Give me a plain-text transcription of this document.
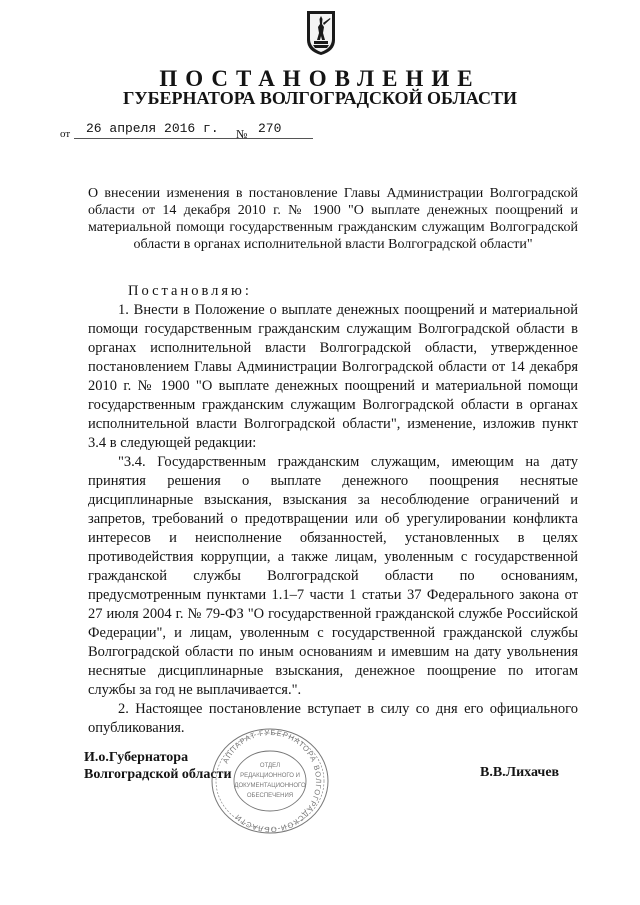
ПОСТАНОВЛЕНИЕ
ГУБЕРНАТОРА ВОЛГОГРАДСКОЙ ОБЛАСТИ
от 26 апреля 2016 г. № 270
О внесении изменения в постановление Главы Администрации Волгоградской области от 14 декабря 2010 г. № 1900 "О выплате денежных поощрений и материальной помощи государственным гражданским служащим Волгоградской области в органах исполнительной власти Волгоградской области"

Постановляю:

1. Внести в Положение о выплате денежных поощрений и материальной помощи государственным гражданским служащим Волгоградской области в органах исполнительной власти Волгоградской области, утвержденное постановлением Главы Администрации Волгоградской области от 14 декабря 2010 г. № 1900 "О выплате денежных поощрений и материальной помощи государственным гражданским служащим Волгоградской области в органах исполнительной власти Волгоградской области", изменение, изложив пункт 3.4 в следующей редакции:

"3.4. Государственным гражданским служащим, имеющим на дату принятия решения о выплате денежного поощрения неснятые дисциплинарные взыскания, взыскания за несоблюдение ограничений и запретов, требований о предотвращении или об урегулировании конфликта интересов и неисполнение обязанностей, установленных в целях противодействия коррупции, а также лицам, уволенным с государственной гражданской службы Волгоградской области по основаниям, предусмотренным пунктами 1.1–7 части 1 статьи 37 Федерального закона от 27 июля 2004 г. № 79-ФЗ "О государственной гражданской службе Российской Федерации", и лицам, уволенным с государственной гражданской службы Волгоградской области по иным основаниям и имевшим на дату увольнения неснятые дисциплинарные взыскания, денежное поощрение по итогам службы за год не выплачивается.".

2. Настоящее постановление вступает в силу со дня его официального опубликования.

И.о.Губернатора
Волгоградской области	В.В.Лихачев
АППАРАТ ГУБЕРНАТОРА ВОЛГОГРАДСКОЙ ОБЛАСТИ
ОТДЕЛ
РЕДАКЦИОННОГО И
ДОКУМЕНТАЦИОННОГО
ОБЕСПЕЧЕНИЯ
